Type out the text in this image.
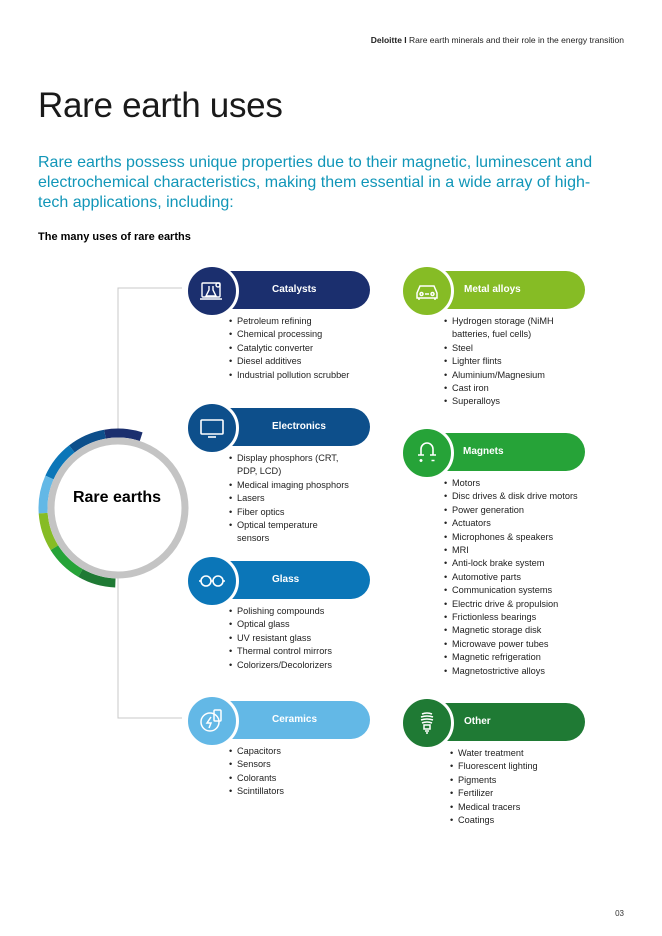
Deloitte I Rare earth minerals and their role in the energy transition
Rare earth uses
Rare earths possess unique properties due to their magnetic, luminescent and electrochemical characteristics, making them essential in a wide array of high-tech applications, including:
The many uses of rare earths
Rare earths
Catalysts
• Petroleum refining
• Chemical processing
• Catalytic converter
• Diesel additives
• Industrial pollution scrubber
Electronics
• Display phosphors (CRT, PDP, LCD)
• Medical imaging phosphors
• Lasers
• Fiber optics
• Optical temperature sensors
Glass
• Polishing compounds
• Optical glass
• UV resistant glass
• Thermal control mirrors
• Colorizers/Decolorizers
Ceramics
• Capacitors
• Sensors
• Colorants
• Scintillators
Metal alloys
• Hydrogen storage (NiMH batteries, fuel cells)
• Steel
• Lighter flints
• Aluminium/Magnesium
• Cast iron
• Superalloys
Magnets
• Motors
• Disc drives & disk drive motors
• Power generation
• Actuators
• Microphones & speakers
• MRI
• Anti-lock brake system
• Automotive parts
• Communication systems
• Electric drive & propulsion
• Frictionless bearings
• Magnetic storage disk
• Microwave power tubes
• Magnetic refrigeration
• Magnetostrictive alloys
Other
• Water treatment
• Fluorescent lighting
• Pigments
• Fertilizer
• Medical tracers
• Coatings
03
